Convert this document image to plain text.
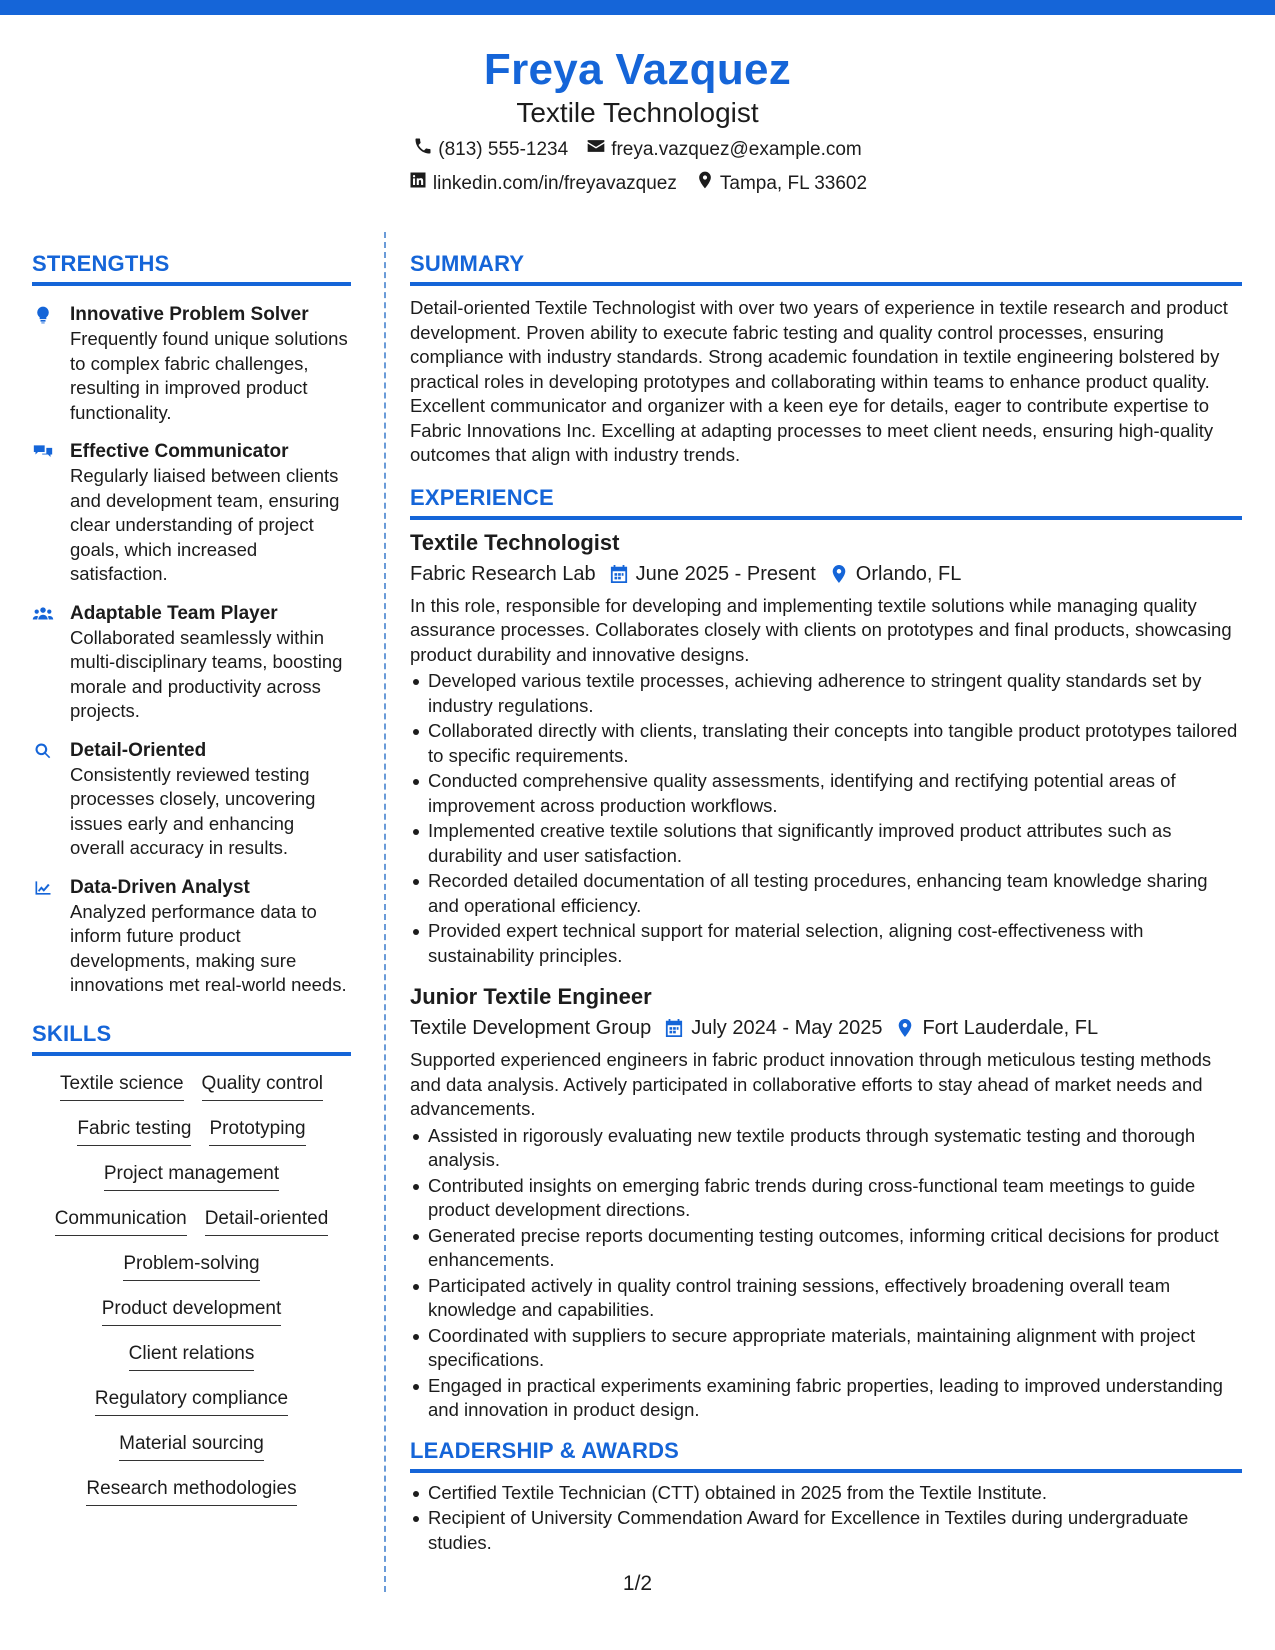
Freya Vazquez
Textile Technologist
(813) 555-1234 freya.vazquez@example.com
linkedin.com/in/freyavazquez Tampa, FL 33602
STRENGTHS
Innovative Problem Solver
Frequently found unique solutions to complex fabric challenges, resulting in improved product functionality.
Effective Communicator
Regularly liaised between clients and development team, ensuring clear understanding of project goals, which increased satisfaction.
Adaptable Team Player
Collaborated seamlessly within multi-disciplinary teams, boosting morale and productivity across projects.
Detail-Oriented
Consistently reviewed testing processes closely, uncovering issues early and enhancing overall accuracy in results.
Data-Driven Analyst
Analyzed performance data to inform future product developments, making sure innovations met real-world needs.
SKILLS
Textile science Quality control
Fabric testing Prototyping
Project management
Communication Detail-oriented
Problem-solving
Product development
Client relations
Regulatory compliance
Material sourcing
Research methodologies
SUMMARY
Detail-oriented Textile Technologist with over two years of experience in textile research and product development. Proven ability to execute fabric testing and quality control processes, ensuring compliance with industry standards. Strong academic foundation in textile engineering bolstered by practical roles in developing prototypes and collaborating within teams to enhance product quality. Excellent communicator and organizer with a keen eye for details, eager to contribute expertise to Fabric Innovations Inc. Excelling at adapting processes to meet client needs, ensuring high-quality outcomes that align with industry trends.
EXPERIENCE
Textile Technologist
Fabric Research Lab June 2025 - Present Orlando, FL
In this role, responsible for developing and implementing textile solutions while managing quality assurance processes. Collaborates closely with clients on prototypes and final products, showcasing product durability and innovative designs.
Developed various textile processes, achieving adherence to stringent quality standards set by industry regulations.
Collaborated directly with clients, translating their concepts into tangible product prototypes tailored to specific requirements.
Conducted comprehensive quality assessments, identifying and rectifying potential areas of improvement across production workflows.
Implemented creative textile solutions that significantly improved product attributes such as durability and user satisfaction.
Recorded detailed documentation of all testing procedures, enhancing team knowledge sharing and operational efficiency.
Provided expert technical support for material selection, aligning cost-effectiveness with sustainability principles.
Junior Textile Engineer
Textile Development Group July 2024 - May 2025 Fort Lauderdale, FL
Supported experienced engineers in fabric product innovation through meticulous testing methods and data analysis. Actively participated in collaborative efforts to stay ahead of market needs and advancements.
Assisted in rigorously evaluating new textile products through systematic testing and thorough analysis.
Contributed insights on emerging fabric trends during cross-functional team meetings to guide product development directions.
Generated precise reports documenting testing outcomes, informing critical decisions for product enhancements.
Participated actively in quality control training sessions, effectively broadening overall team knowledge and capabilities.
Coordinated with suppliers to secure appropriate materials, maintaining alignment with project specifications.
Engaged in practical experiments examining fabric properties, leading to improved understanding and innovation in product design.
LEADERSHIP & AWARDS
Certified Textile Technician (CTT) obtained in 2025 from the Textile Institute.
Recipient of University Commendation Award for Excellence in Textiles during undergraduate studies.
1/2
